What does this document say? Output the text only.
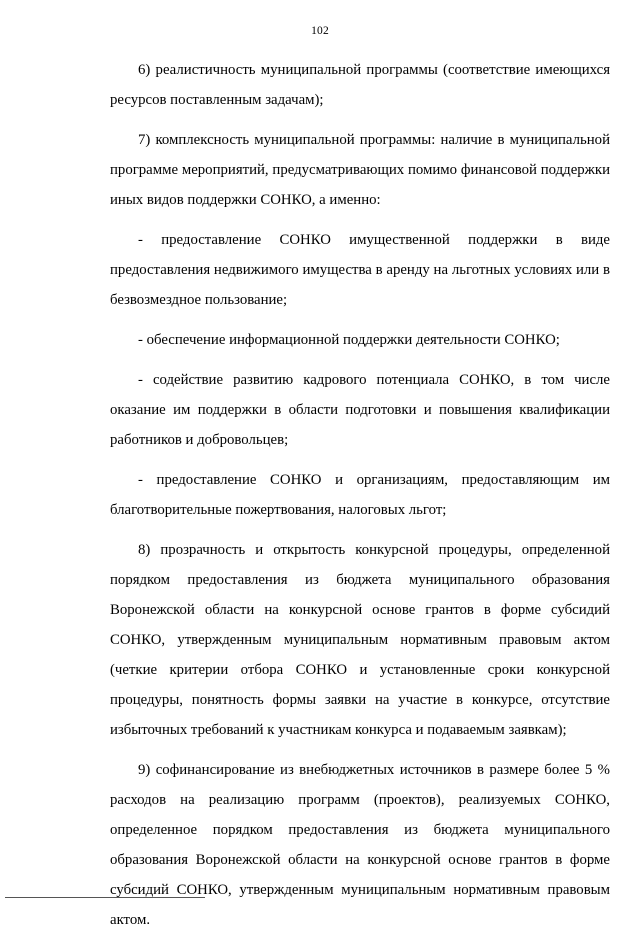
102

6) реалистичность муниципальной программы (соответствие имеющихся ресурсов поставленным задачам);

7) комплексность муниципальной программы: наличие в муниципальной программе мероприятий, предусматривающих помимо финансовой поддержки иных видов поддержки СОНКО, а именно:

- предоставление СОНКО имущественной поддержки в виде предоставления недвижимого имущества в аренду на льготных условиях или в безвозмездное пользование;

- обеспечение информационной поддержки деятельности СОНКО;

- содействие развитию кадрового потенциала СОНКО, в том числе оказание им поддержки в области подготовки и повышения квалификации работников и добровольцев;

- предоставление СОНКО и организациям, предоставляющим им благотворительные пожертвования, налоговых льгот;

8) прозрачность и открытость конкурсной процедуры, определенной порядком предоставления из бюджета муниципального образования Воронежской области на конкурсной основе грантов в форме субсидий СОНКО, утвержденным муниципальным нормативным правовым актом (четкие критерии отбора СОНКО и установленные сроки конкурсной процедуры, понятность формы заявки на участие в конкурсе, отсутствие избыточных требований к участникам конкурса и подаваемым заявкам);

9) софинансирование из внебюджетных источников в размере более 5 % расходов на реализацию программ (проектов), реализуемых СОНКО, определенное порядком предоставления из бюджета муниципального образования Воронежской области на конкурсной основе грантов в форме субсидий СОНКО, утвержденным муниципальным нормативным правовым актом.
